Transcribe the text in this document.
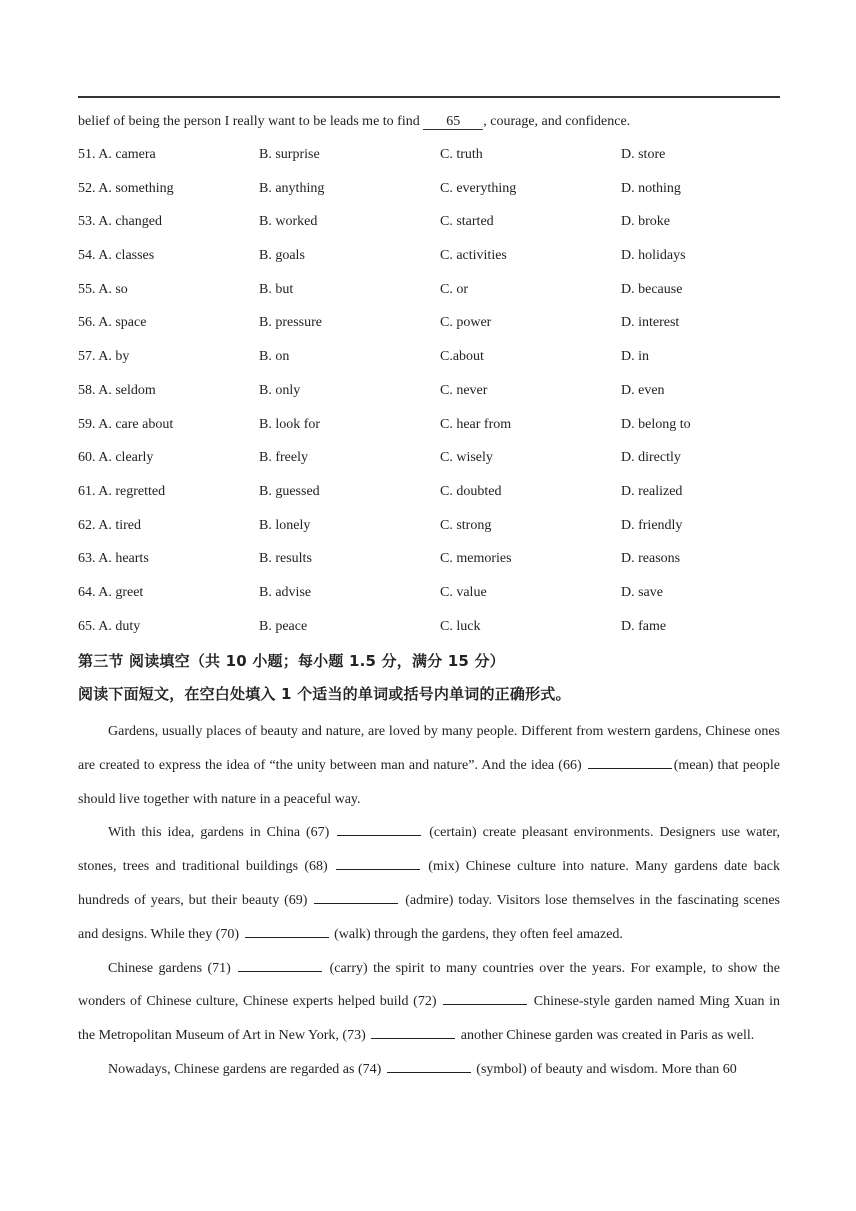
belief of being the person I really want to be leads me to find 65 , courage, and confidence.
51. A. camera	B. surprise	C. truth	D. store
52. A. something	B. anything	C. everything	D. nothing
53. A. changed	B. worked	C. started	D. broke
54. A. classes	B. goals	C. activities	D. holidays
55. A. so	B. but	C. or	D. because
56. A. space	B. pressure	C. power	D. interest
57. A. by	B. on	C.about	D. in
58. A. seldom	B. only	C. never	D. even
59. A. care about	B. look for	C. hear from	D. belong to
60. A. clearly	B. freely	C. wisely	D. directly
61. A. regretted	B. guessed	C. doubted	D. realized
62. A. tired	B. lonely	C. strong	D. friendly
63. A. hearts	B. results	C. memories	D. reasons
64. A. greet	B. advise	C. value	D. save
65. A. duty	B. peace	C. luck	D. fame
第三节 阅读填空（共 10 小题；每小题 1.5 分，满分 15 分）
阅读下面短文，在空白处填入 1 个适当的单词或括号内单词的正确形式。

Gardens, usually places of beauty and nature, are loved by many people. Different from western gardens, Chinese ones are created to express the idea of “the unity between man and nature”. And the idea (66)	(mean) that people should live together with nature in a peaceful way.

With this idea, gardens in China (67)	(certain) create pleasant environments. Designers use water, stones, trees and traditional buildings (68)	(mix) Chinese culture into nature. Many gardens date back hundreds of years, but their beauty (69)	(admire) today. Visitors lose themselves in the fascinating scenes and designs. While they (70)	(walk) through the gardens, they often feel amazed.

Chinese gardens (71)	(carry) the spirit to many countries over the years. For example, to show the wonders of Chinese culture, Chinese experts helped build (72)	Chinese-style garden named Ming Xuan in the Metropolitan Museum of Art in New York, (73)	another Chinese garden was created in Paris as well.

Nowadays, Chinese gardens are regarded as (74)	(symbol) of beauty and wisdom. More than 60
